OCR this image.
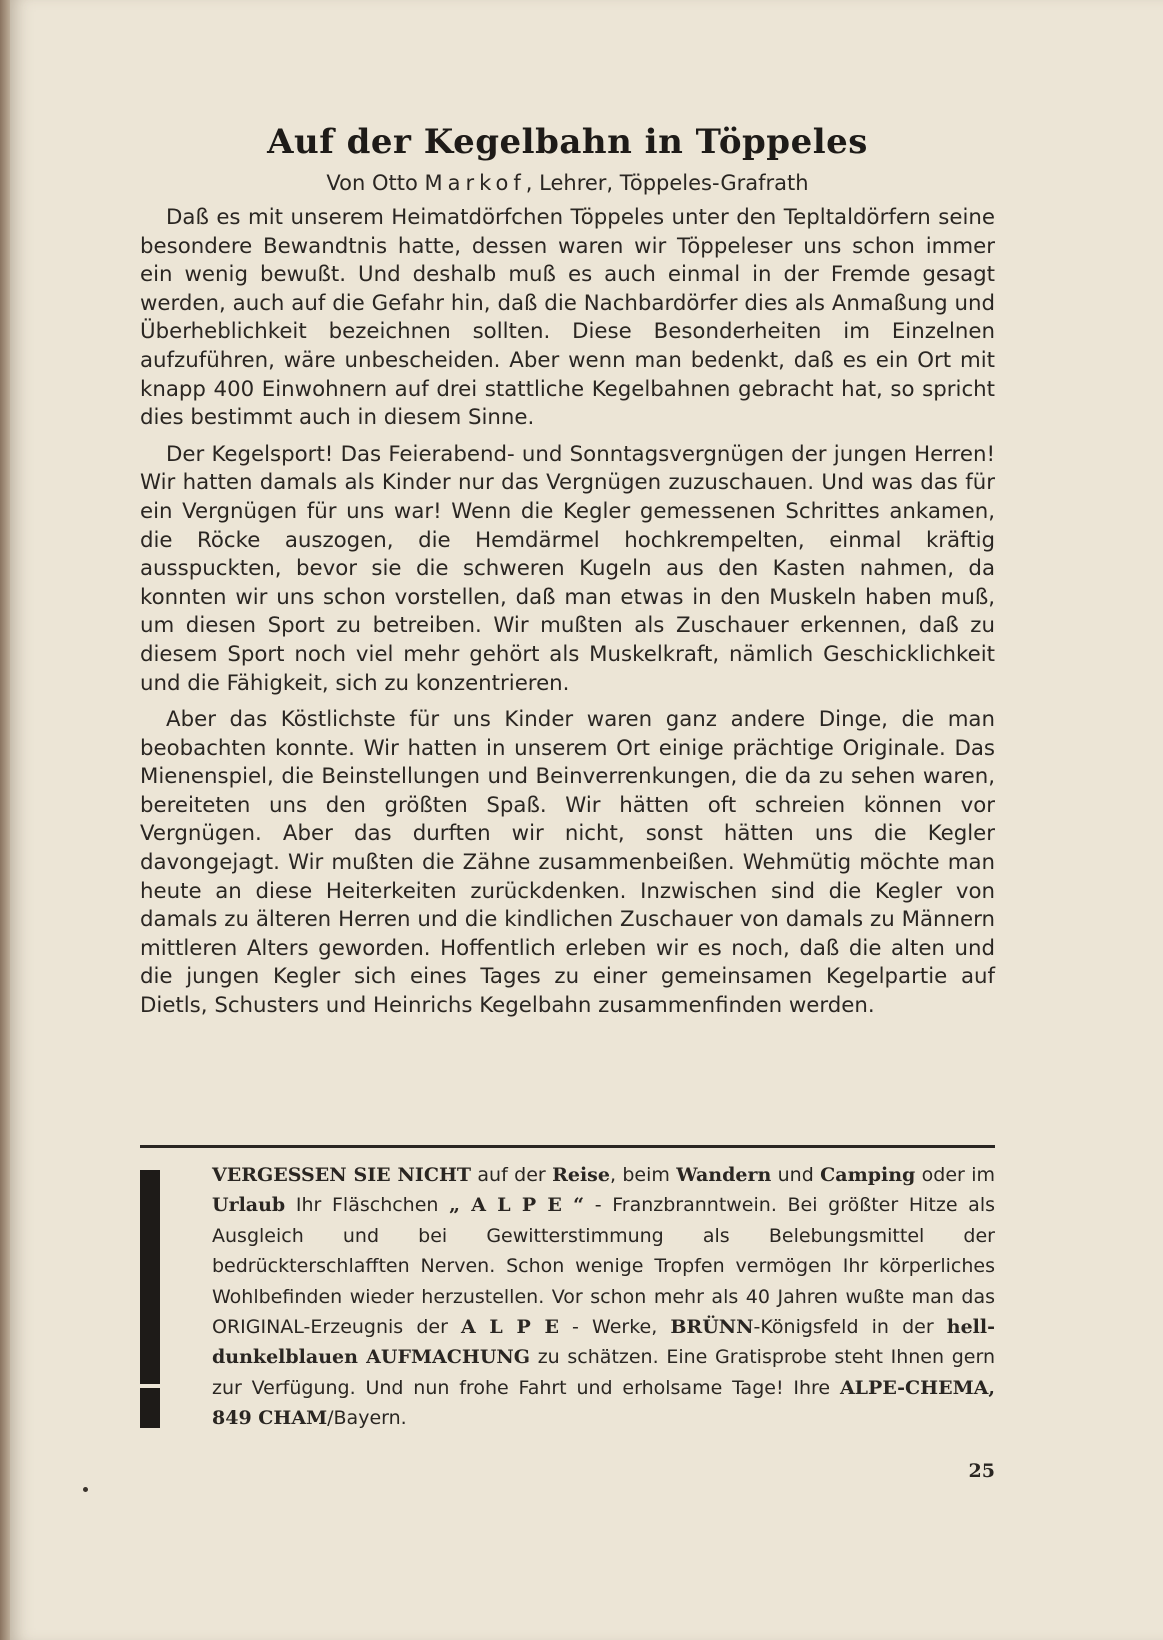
Auf der Kegelbahn in Töppeles

Von Otto Markof, Lehrer, Töppeles-Grafrath

Daß es mit unserem Heimatdörfchen Töppeles unter den Tepltaldörfern seine besondere Bewandtnis hatte, dessen waren wir Töppeleser uns schon immer ein wenig bewußt. Und deshalb muß es auch einmal in der Fremde gesagt werden, auch auf die Gefahr hin, daß die Nachbardörfer dies als Anmaßung und Überheblichkeit bezeichnen sollten. Diese Besonderheiten im Einzelnen aufzuführen, wäre unbescheiden. Aber wenn man bedenkt, daß es ein Ort mit knapp 400 Einwohnern auf drei stattliche Kegelbahnen gebracht hat, so spricht dies bestimmt auch in diesem Sinne.

Der Kegelsport! Das Feierabend- und Sonntagsvergnügen der jungen Herren! Wir hatten damals als Kinder nur das Vergnügen zuzuschauen. Und was das für ein Vergnügen für uns war! Wenn die Kegler gemessenen Schrittes ankamen, die Röcke auszogen, die Hemdärmel hochkrempelten, einmal kräftig ausspuckten, bevor sie die schweren Kugeln aus den Kasten nahmen, da konnten wir uns schon vorstellen, daß man etwas in den Muskeln haben muß, um diesen Sport zu betreiben. Wir mußten als Zuschauer erkennen, daß zu diesem Sport noch viel mehr gehört als Muskelkraft, nämlich Geschicklichkeit und die Fähigkeit, sich zu konzentrieren.

Aber das Köstlichste für uns Kinder waren ganz andere Dinge, die man beobachten konnte. Wir hatten in unserem Ort einige prächtige Originale. Das Mienenspiel, die Beinstellungen und Beinverrenkungen, die da zu sehen waren, bereiteten uns den größten Spaß. Wir hätten oft schreien können vor Vergnügen. Aber das durften wir nicht, sonst hätten uns die Kegler davongejagt. Wir mußten die Zähne zusammenbeißen. Wehmütig möchte man heute an diese Heiterkeiten zurückdenken. Inzwischen sind die Kegler von damals zu älteren Herren und die kindlichen Zuschauer von damals zu Männern mittleren Alters geworden. Hoffentlich erleben wir es noch, daß die alten und die jungen Kegler sich eines Tages zu einer gemeinsamen Kegelpartie auf Dietls, Schusters und Heinrichs Kegelbahn zusammenfinden werden.

VERGESSEN SIE NICHT auf der Reise, beim Wandern und Camping oder im Urlaub Ihr Fläschchen „ A L P E “ - Franzbranntwein. Bei größter Hitze als Ausgleich und bei Gewitterstimmung als Belebungsmittel der bedrückterschlafften Nerven. Schon wenige Tropfen vermögen Ihr körperliches Wohlbefinden wieder herzustellen. Vor schon mehr als 40 Jahren wußte man das ORIGINAL-Erzeugnis der A L P E - Werke, BRÜNN-Königsfeld in der hell-dunkelblauen AUFMACHUNG zu schätzen. Eine Gratisprobe steht Ihnen gern zur Verfügung. Und nun frohe Fahrt und erholsame Tage! Ihre ALPE-CHEMA, 849 CHAM/Bayern.
25
